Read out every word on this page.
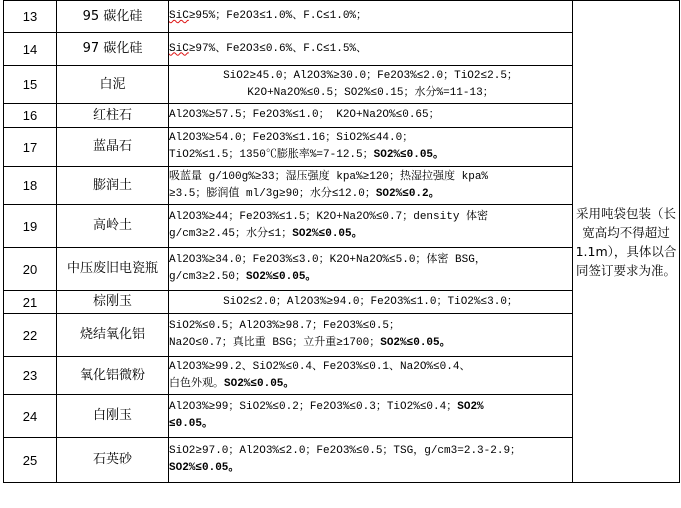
13	95 碳化硅	SiC≥95%；Fe2O3≤1.0%、F.C≤1.0%；	采用吨袋包装（长宽高均不得超过1.1m），具体以合同签订要求为准。
14	97 碳化硅	SiC≥97%、Fe2O3≤0.6%、F.C≤1.5%、	

15	白泥	SiO2≥45.0；Al2O3%≥30.0；Fe2O3%≤2.0；TiO2≤2.5；
K2O+Na2O%≤0.5；SO2%≤0.15；水分%=11-13；	

16	红柱石	Al2O3%≥57.5；Fe2O3%≤1.0； K2O+Na2O%≤0.65；	

17	蓝晶石	Al2O3%≥54.0；Fe2O3%≤1.16；SiO2%≤44.0；
TiO2%≤1.5；1350℃膨胀率%=7-12.5；SO2%≤0.05。	

18	膨润土	吸蓝量 g/100g%≥33；湿压强度 kpa%≥120；热湿拉强度 kpa%
≥3.5；膨润值 ml/3g≥90；水分≤12.0；SO2%≤0.2。	

19	高岭土	Al2O3%≥44；Fe2O3%≤1.5；K2O+Na2O%≤0.7；density 体密
g/cm3≥2.45；水分≤1；SO2%≤0.05。	

20	中压废旧电瓷瓶	Al2O3%≥34.0；Fe2O3%≤3.0；K2O+Na2O%≤5.0；体密 BSG，
g/cm3≥2.50；SO2%≤0.05。	

21	棕刚玉	SiO2≤2.0；Al2O3%≥94.0；Fe2O3%≤1.0；TiO2%≤3.0；	

22	烧结氧化铝	SiO2%≤0.5；Al2O3%≥98.7；Fe2O3%≤0.5；
Na2O≤0.7；真比重 BSG；立升重≥1700；SO2%≤0.05。	

23	氧化铝微粉	Al2O3%≥99.2、SiO2%≤0.4、Fe2O3%≤0.1、Na2O%≤0.4、
白色外观。SO2%≤0.05。	

24	白刚玉	Al2O3%≥99；SiO2%≤0.2；Fe2O3%≤0.3；TiO2%≤0.4；SO2%
≤0.05。	

25	石英砂	SiO2≥97.0；Al2O3%≤2.0；Fe2O3%≤0.5；TSG，g/cm3=2.3-2.9；
SO2%≤0.05。	
